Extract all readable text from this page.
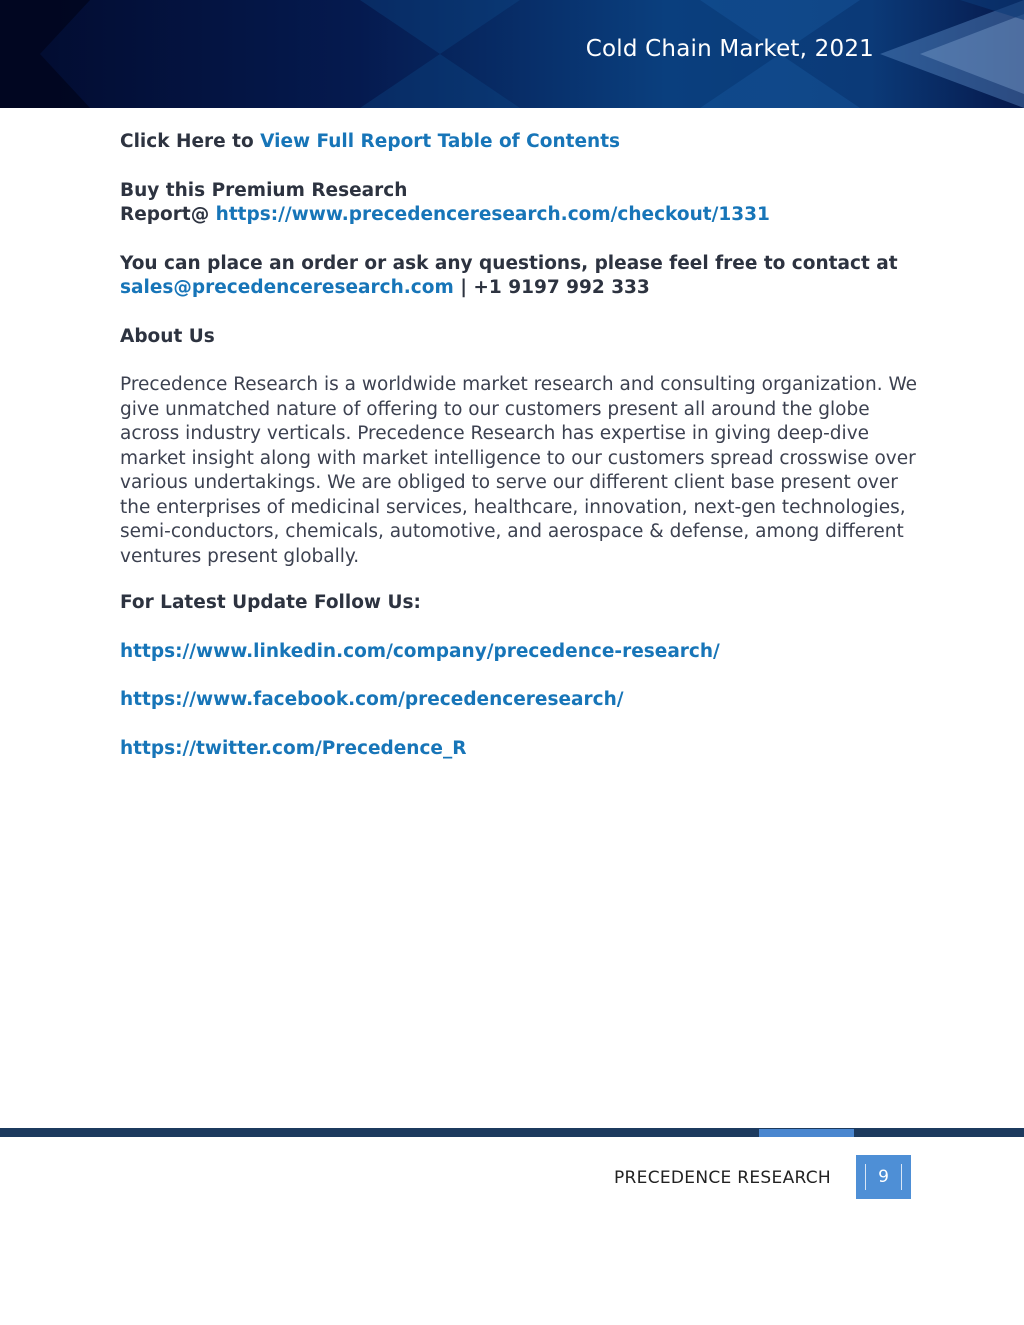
Cold Chain Market, 2021

Click Here to View Full Report Table of Contents

Buy this Premium Research
Report@ https://www.precedenceresearch.com/checkout/1331

You can place an order or ask any questions, please feel free to contact at sales@precedenceresearch.com | +1 9197 992 333

About Us

Precedence Research is a worldwide market research and consulting organization. We give unmatched nature of offering to our customers present all around the globe across industry verticals. Precedence Research has expertise in giving deep-dive market insight along with market intelligence to our customers spread crosswise over various undertakings. We are obliged to serve our different client base present over the enterprises of medicinal services, healthcare, innovation, next-gen technologies, semi-conductors, chemicals, automotive, and aerospace & defense, among different ventures present globally.

For Latest Update Follow Us:

https://www.linkedin.com/company/precedence-research/

https://www.facebook.com/precedenceresearch/

https://twitter.com/Precedence_R

PRECEDENCE RESEARCH	9
